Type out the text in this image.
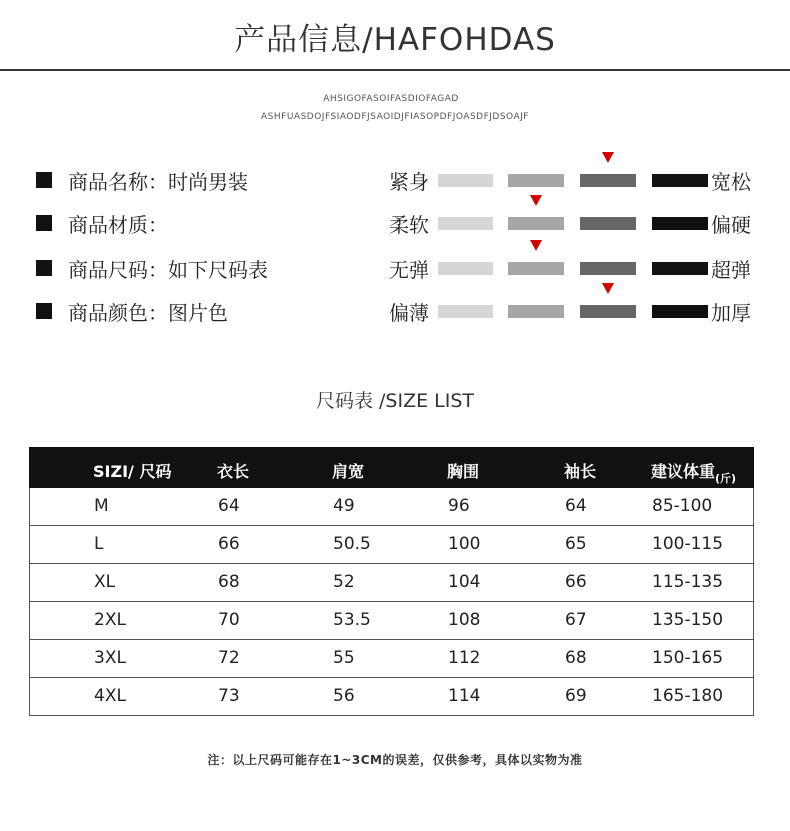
产品信息/HAFOHDAS
AHSIGOFASOIFASDIOFAGAD
ASHFUASDOJFSIAODFJSAOIDJFIASOPDFJOASDFJDSOAJF
商品名称：时尚男装	紧身	宽松
商品材质：	柔软	偏硬
商品尺码：如下尺码表	无弹	超弹
商品颜色：图片色	偏薄	加厚
尺码表 /SIZE LIST
SIZI/ 尺码	衣长	肩宽	胸围	袖长	建议体重$_{(斤)}$
M	64	49	96	64	85-100
L	66	50.5	100	65	100-115
XL	68	52	104	66	115-135
2XL	70	53.5	108	67	135-150
3XL	72	55	112	68	150-165
4XL	73	56	114	69	165-180
注：以上尺码可能存在1~3CM的误差，仅供参考，具体以实物为准
